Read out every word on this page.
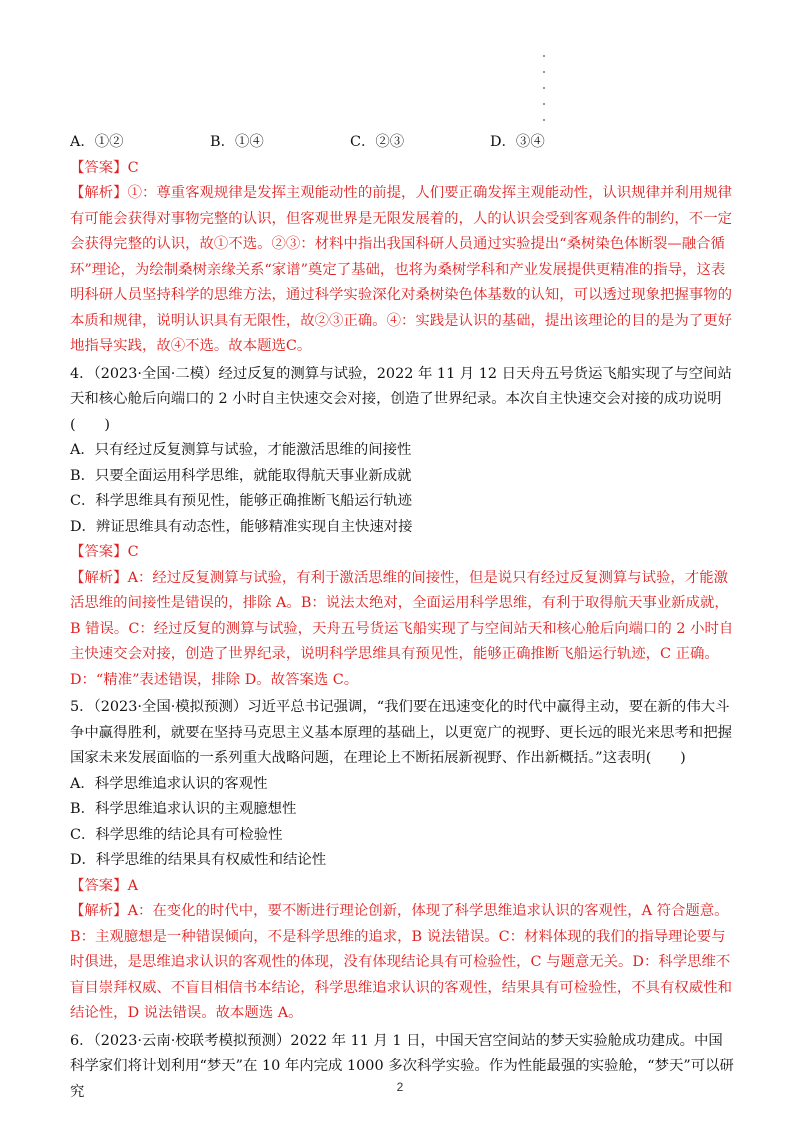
A．①②	B．①④	C．②③	D．③④

【答案】C

【解析】①：尊重客观规律是发挥主观能动性的前提，人们要正确发挥主观能动性，认识规律并利用规律有可能会获得对事物完整的认识，但客观世界是无限发展着的，人的认识会受到客观条件的制约，不一定会获得完整的认识，故①不选。②③：材料中指出我国科研人员通过实验提出“桑树染色体断裂—融合循环”理论，为绘制桑树亲缘关系“家谱”奠定了基础，也将为桑树学科和产业发展提供更精准的指导，这表明科研人员坚持科学的思维方法，通过科学实验深化对桑树染色体基数的认知，可以透过现象把握事物的本质和规律，说明认识具有无限性，故②③正确。④：实践是认识的基础，提出该理论的目的是为了更好地指导实践，故④不选。故本题选C。

4．（2023·全国·二模）经过反复的测算与试验，2022 年 11 月 12 日天舟五号货运飞船实现了与空间站天和核心舱后向端口的 2 小时自主快速交会对接，创造了世界纪录。本次自主快速交会对接的成功说明(　　)

A．只有经过反复测算与试验，才能激活思维的间接性

B．只要全面运用科学思维，就能取得航天事业新成就

C．科学思维具有预见性，能够正确推断飞船运行轨迹

D．辨证思维具有动态性，能够精准实现自主快速对接

【答案】C

【解析】A：经过反复测算与试验，有利于激活思维的间接性，但是说只有经过反复测算与试验，才能激活思维的间接性是错误的，排除 A。B：说法太绝对，全面运用科学思维，有利于取得航天事业新成就，B 错误。C：经过反复的测算与试验，天舟五号货运飞船实现了与空间站天和核心舱后向端口的 2 小时自主快速交会对接，创造了世界纪录，说明科学思维具有预见性，能够正确推断飞船运行轨迹，C 正确。D：“精准”表述错误，排除 D。故答案选 C。

5．（2023·全国·模拟预测）习近平总书记强调，“我们要在迅速变化的时代中赢得主动，要在新的伟大斗争中赢得胜利，就要在坚持马克思主义基本原理的基础上，以更宽广的视野、更长远的眼光来思考和把握国家未来发展面临的一系列重大战略问题，在理论上不断拓展新视野、作出新概括。”这表明(　　)

A．科学思维追求认识的客观性

B．科学思维追求认识的主观臆想性

C．科学思维的结论具有可检验性

D．科学思维的结果具有权威性和结论性

【答案】A

【解析】A：在变化的时代中，要不断进行理论创新，体现了科学思维追求认识的客观性，A 符合题意。B：主观臆想是一种错误倾向，不是科学思维的追求，B 说法错误。C：材料体现的我们的指导理论要与时俱进，是思维追求认识的客观性的体现，没有体现结论具有可检验性，C 与题意无关。D：科学思维不盲目崇拜权威、不盲目相信书本结论，科学思维追求认识的客观性，结果具有可检验性，不具有权威性和结论性，D 说法错误。故本题选 A。

6．（2023·云南·校联考模拟预测）2022 年 11 月 1 日，中国天宫空间站的梦天实验舱成功建成。中国科学家们将计划利用“梦天”在 10 年内完成 1000 多次科学实验。作为性能最强的实验舱，“梦天”可以研究	2
